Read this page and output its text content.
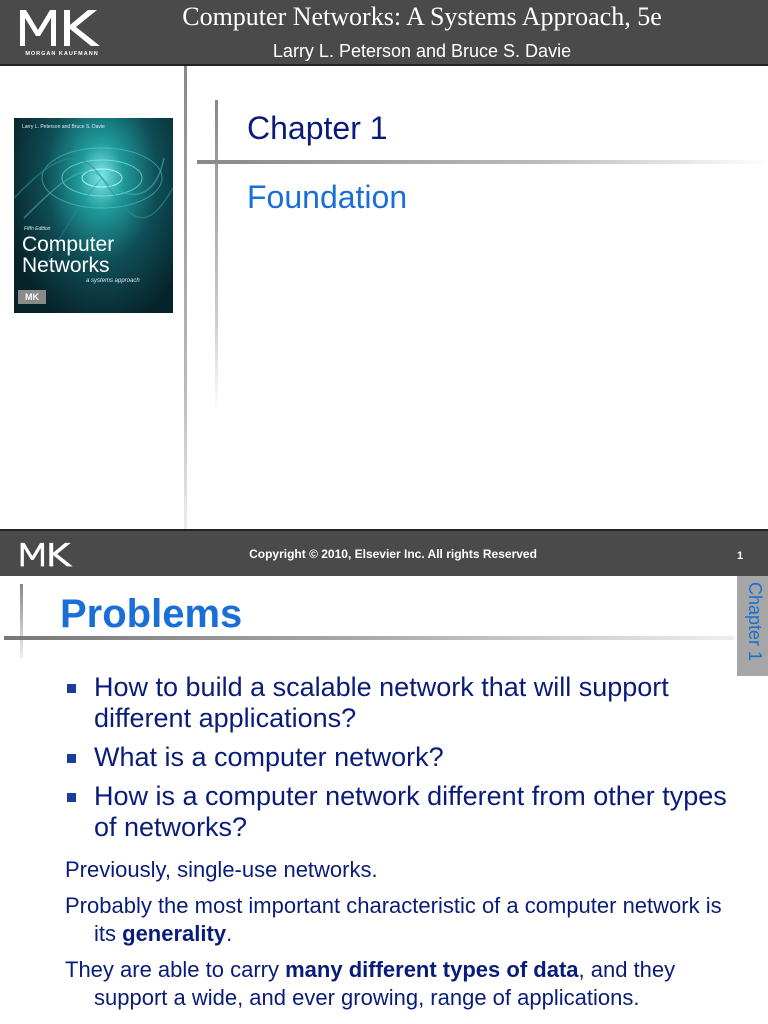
MORGAN KAUFMANN
Computer Networks: A Systems Approach, 5e
Larry L. Peterson and Bruce S. Davie
Larry L. Peterson and Bruce S. Davie
Fifth Edition
Computer
Networks
a systems approach
MK
Chapter 1
Foundation
Copyright © 2010, Elsevier Inc. All rights Reserved	1
Problems	Chapter 1
How to build a scalable network that will support different applications?
What is a computer network?
How is a computer network different from other types of networks?
Previously, single-use networks.
Probably the most important characteristic of a computer network is its generality.
They are able to carry many different types of data, and they support a wide, and ever growing, range of applications.
